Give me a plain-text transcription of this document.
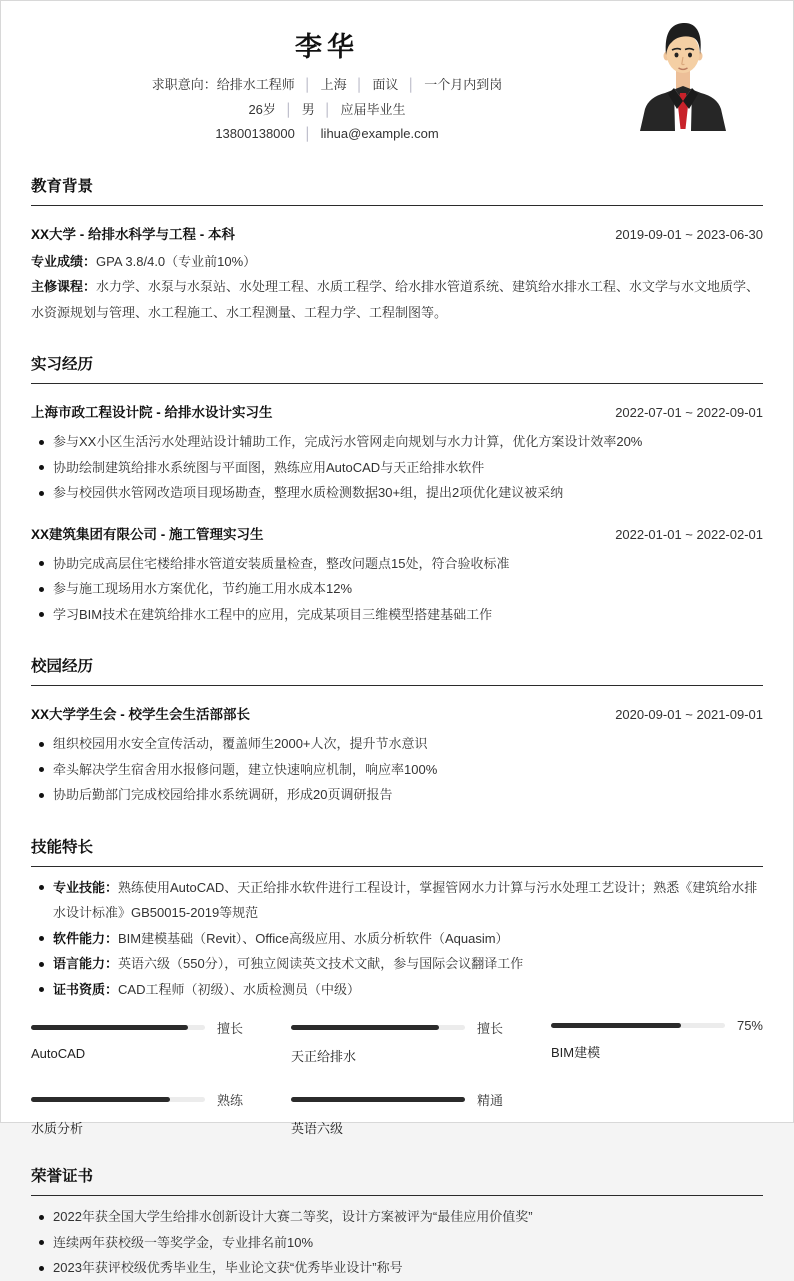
李华
求职意向：给排水工程师 │ 上海 │ 面议 │ 一个月内到岗
26岁 │ 男 │ 应届毕业生
13800138000 │ lihua@example.com
教育背景
XX大学 - 给排水科学与工程 - 本科	2019-09-01 ~ 2023-06-30

专业成绩：GPA 3.8/4.0（专业前10%）

主修课程：水力学、水泵与水泵站、水处理工程、水质工程学、给水排水管道系统、建筑给水排水工程、水文学与水文地质学、水资源规划与管理、水工程施工、水工程测量、工程力学、工程制图等。

实习经历
上海市政工程设计院 - 给排水设计实习生	2022-07-01 ~ 2022-09-01
参与XX小区生活污水处理站设计辅助工作，完成污水管网走向规划与水力计算，优化方案设计效率20%
协助绘制建筑给排水系统图与平面图，熟练应用AutoCAD与天正给排水软件
参与校园供水管网改造项目现场勘查，整理水质检测数据30+组，提出2项优化建议被采纳
XX建筑集团有限公司 - 施工管理实习生	2022-01-01 ~ 2022-02-01
协助完成高层住宅楼给排水管道安装质量检查，整改问题点15处，符合验收标准
参与施工现场用水方案优化，节约施工用水成本12%
学习BIM技术在建筑给排水工程中的应用，完成某项目三维模型搭建基础工作
校园经历
XX大学学生会 - 校学生会生活部部长	2020-09-01 ~ 2021-09-01
组织校园用水安全宣传活动，覆盖师生2000+人次，提升节水意识
牵头解决学生宿舍用水报修问题，建立快速响应机制，响应率100%
协助后勤部门完成校园给排水系统调研，形成20页调研报告
技能特长
专业技能：熟练使用AutoCAD、天正给排水软件进行工程设计，掌握管网水力计算与污水处理工艺设计；熟悉《建筑给水排水设计标准》GB50015-2019等规范
软件能力：BIM建模基础（Revit）、Office高级应用、水质分析软件（Aquasim）
语言能力：英语六级（550分），可独立阅读英文技术文献，参与国际会议翻译工作
证书资质：CAD工程师（初级）、水质检测员（中级）
擅长
AutoCAD
擅长
天正给排水
75%
BIM建模
熟练
水质分析
精通
英语六级
荣誉证书
2022年获全国大学生给排水创新设计大赛二等奖，设计方案被评为“最佳应用价值奖”
连续两年获校级一等奖学金，专业排名前10%
2023年获评校级优秀毕业生，毕业论文获“优秀毕业设计”称号
